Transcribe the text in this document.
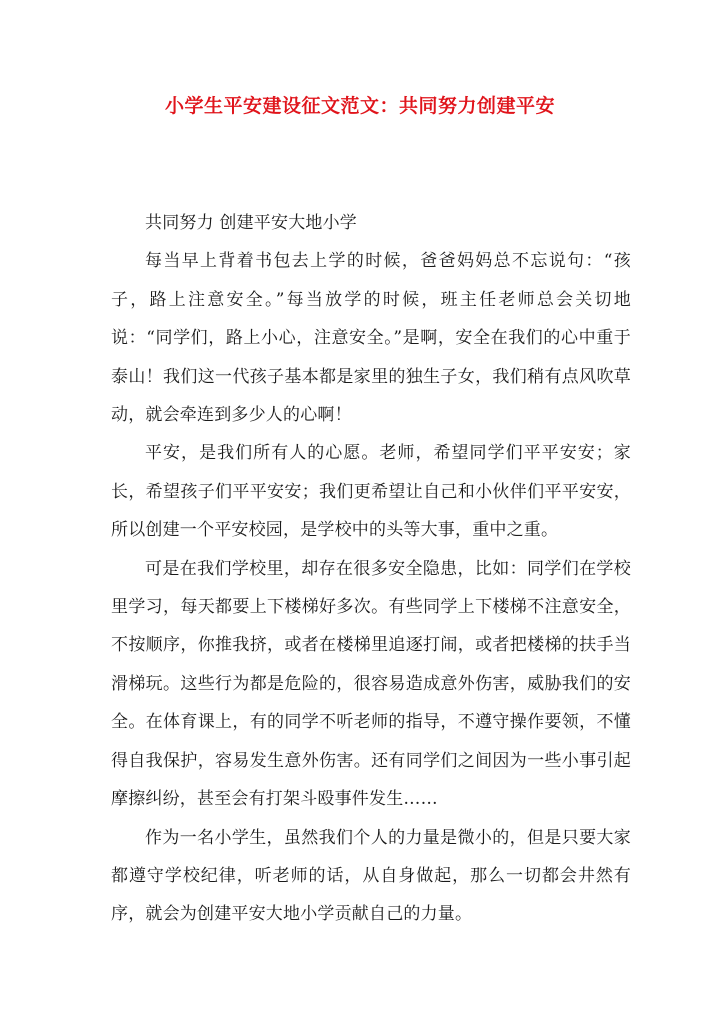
小学生平安建设征文范文：共同努力创建平安

共同努力 创建平安大地小学

每当早上背着书包去上学的时候，爸爸妈妈总不忘说句：“孩子，路上注意安全。”每当放学的时候，班主任老师总会关切地说：“同学们，路上小心，注意安全。”是啊，安全在我们的心中重于泰山！我们这一代孩子基本都是家里的独生子女，我们稍有点风吹草动，就会牵连到多少人的心啊！

平安，是我们所有人的心愿。老师，希望同学们平平安安；家长，希望孩子们平平安安；我们更希望让自己和小伙伴们平平安安，所以创建一个平安校园，是学校中的头等大事，重中之重。

可是在我们学校里，却存在很多安全隐患，比如：同学们在学校里学习，每天都要上下楼梯好多次。有些同学上下楼梯不注意安全，不按顺序，你推我挤，或者在楼梯里追逐打闹，或者把楼梯的扶手当滑梯玩。这些行为都是危险的，很容易造成意外伤害，威胁我们的安全。在体育课上，有的同学不听老师的指导，不遵守操作要领，不懂得自我保护，容易发生意外伤害。还有同学们之间因为一些小事引起摩擦纠纷，甚至会有打架斗殴事件发生……

作为一名小学生，虽然我们个人的力量是微小的，但是只要大家都遵守学校纪律，听老师的话，从自身做起，那么一切都会井然有序，就会为创建平安大地小学贡献自己的力量。
